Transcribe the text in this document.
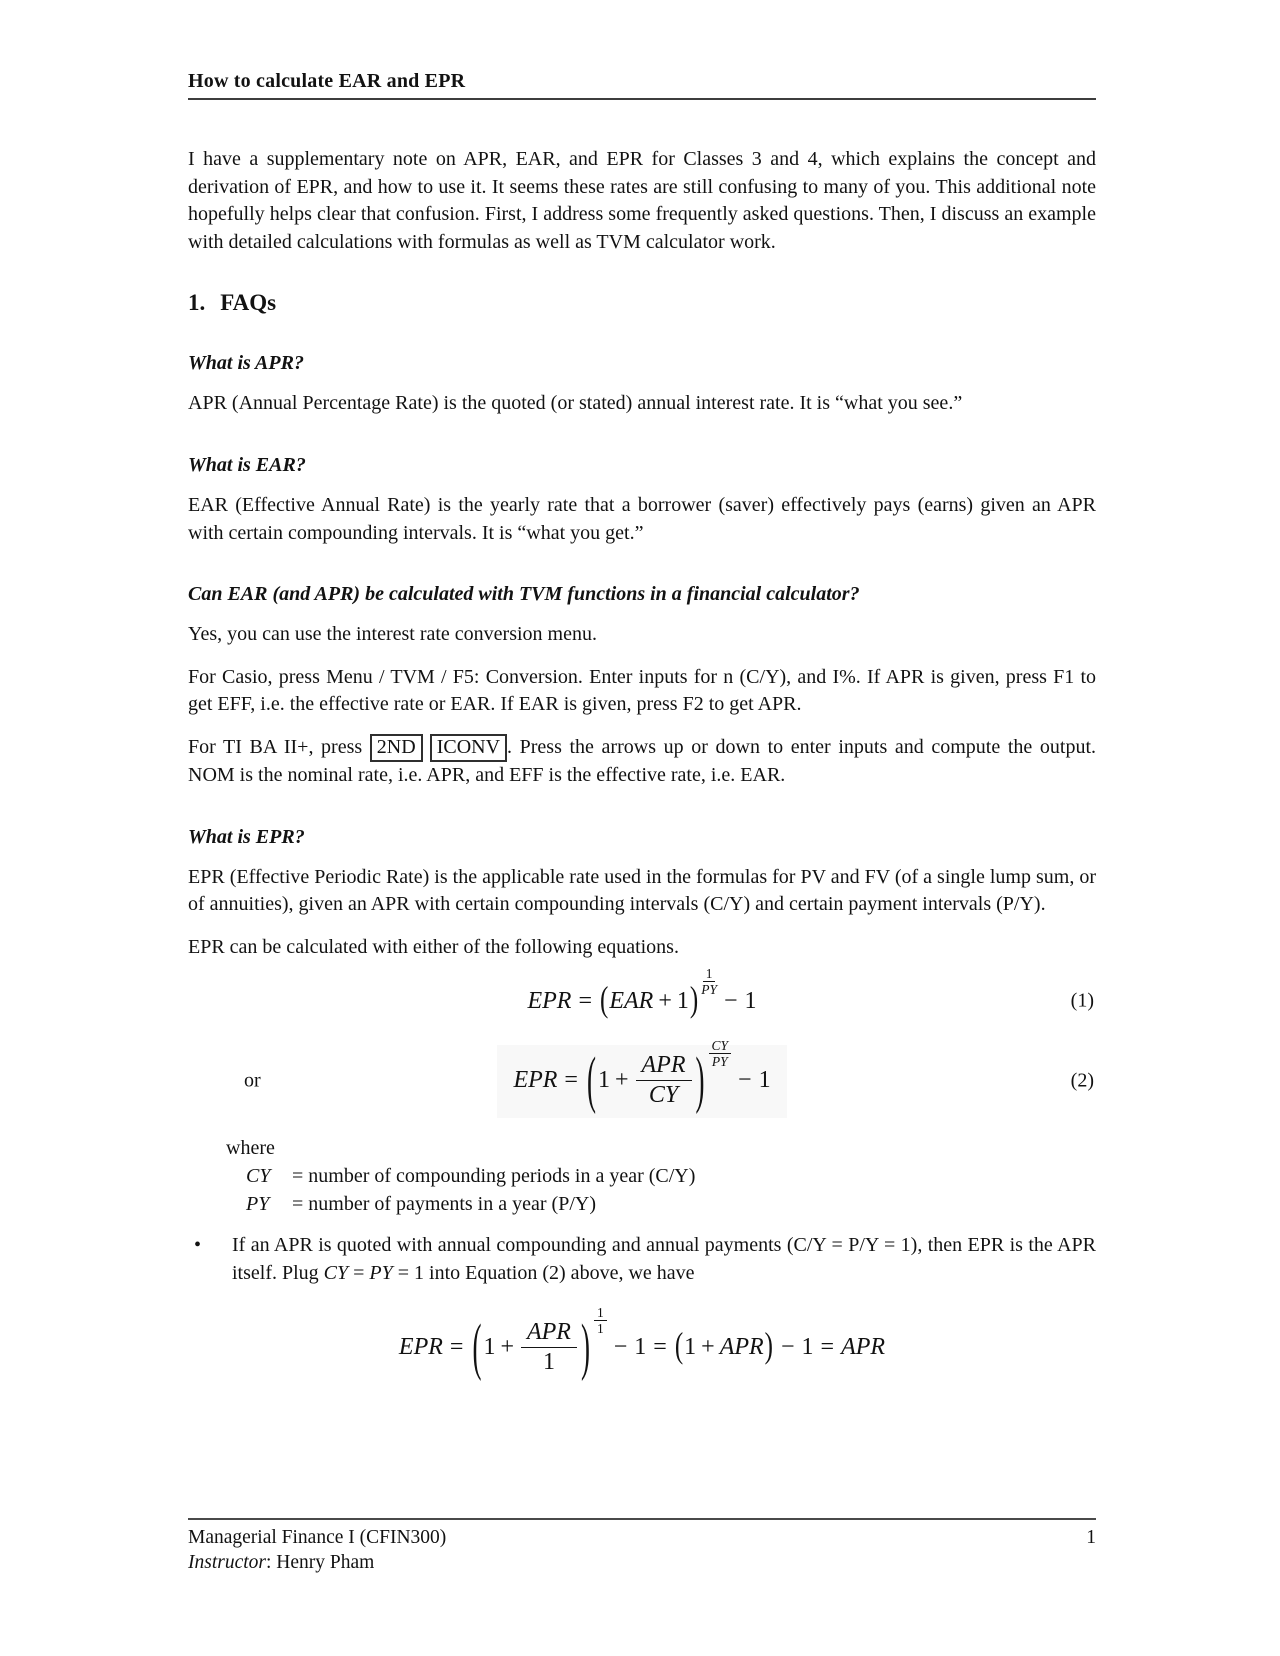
How to calculate EAR and EPR

I have a supplementary note on APR, EAR, and EPR for Classes 3 and 4, which explains the concept and derivation of EPR, and how to use it. It seems these rates are still confusing to many of you. This additional note hopefully helps clear that confusion. First, I address some frequently asked questions. Then, I discuss an example with detailed calculations with formulas as well as TVM calculator work.

1. FAQs
What is APR?

APR (Annual Percentage Rate) is the quoted (or stated) annual interest rate. It is “what you see.”

What is EAR?

EAR (Effective Annual Rate) is the yearly rate that a borrower (saver) effectively pays (earns) given an APR with certain compounding intervals. It is “what you get.”

Can EAR (and APR) be calculated with TVM functions in a financial calculator?

Yes, you can use the interest rate conversion menu.

For Casio, press Menu / TVM / F5: Conversion. Enter inputs for n (C/Y), and I%. If APR is given, press F1 to get EFF, i.e. the effective rate or EAR. If EAR is given, press F2 to get APR.

For TI BA II+, press 2ND ICONV . Press the arrows up or down to enter inputs and compute the output. NOM is the nominal rate, i.e. APR, and EFF is the effective rate, i.e. EAR.

What is EPR?

EPR (Effective Periodic Rate) is the applicable rate used in the formulas for PV and FV (of a single lump sum, or of annuities), given an APR with certain compounding intervals (C/Y) and certain payment intervals (P/Y).

EPR can be calculated with either of the following equations.

EPR = ( EAR + 1 ) $\frac{1}{PY}$
− 1	(1)
or	EPR = ( $1 + \frac{\text{APR}}{CY}$ ) $\frac{CY}{PY}$
− 1	(2)
where
CY	= number of compounding periods in a year (C/Y)
PY	= number of payments in a year (P/Y)
•	If an APR is quoted with annual compounding and annual payments (C/Y = P/Y = 1), then EPR is the APR itself. Plug CY = PY = 1 into Equation (2) above, we have

EPR = ( $1 + \frac{\text{APR}}{1}$ ) $\frac{1}{1}$
− 1 = ( 1 + APR ) − 1 = APR
Managerial Finance I (CFIN300)	1
Instructor: Henry Pham
